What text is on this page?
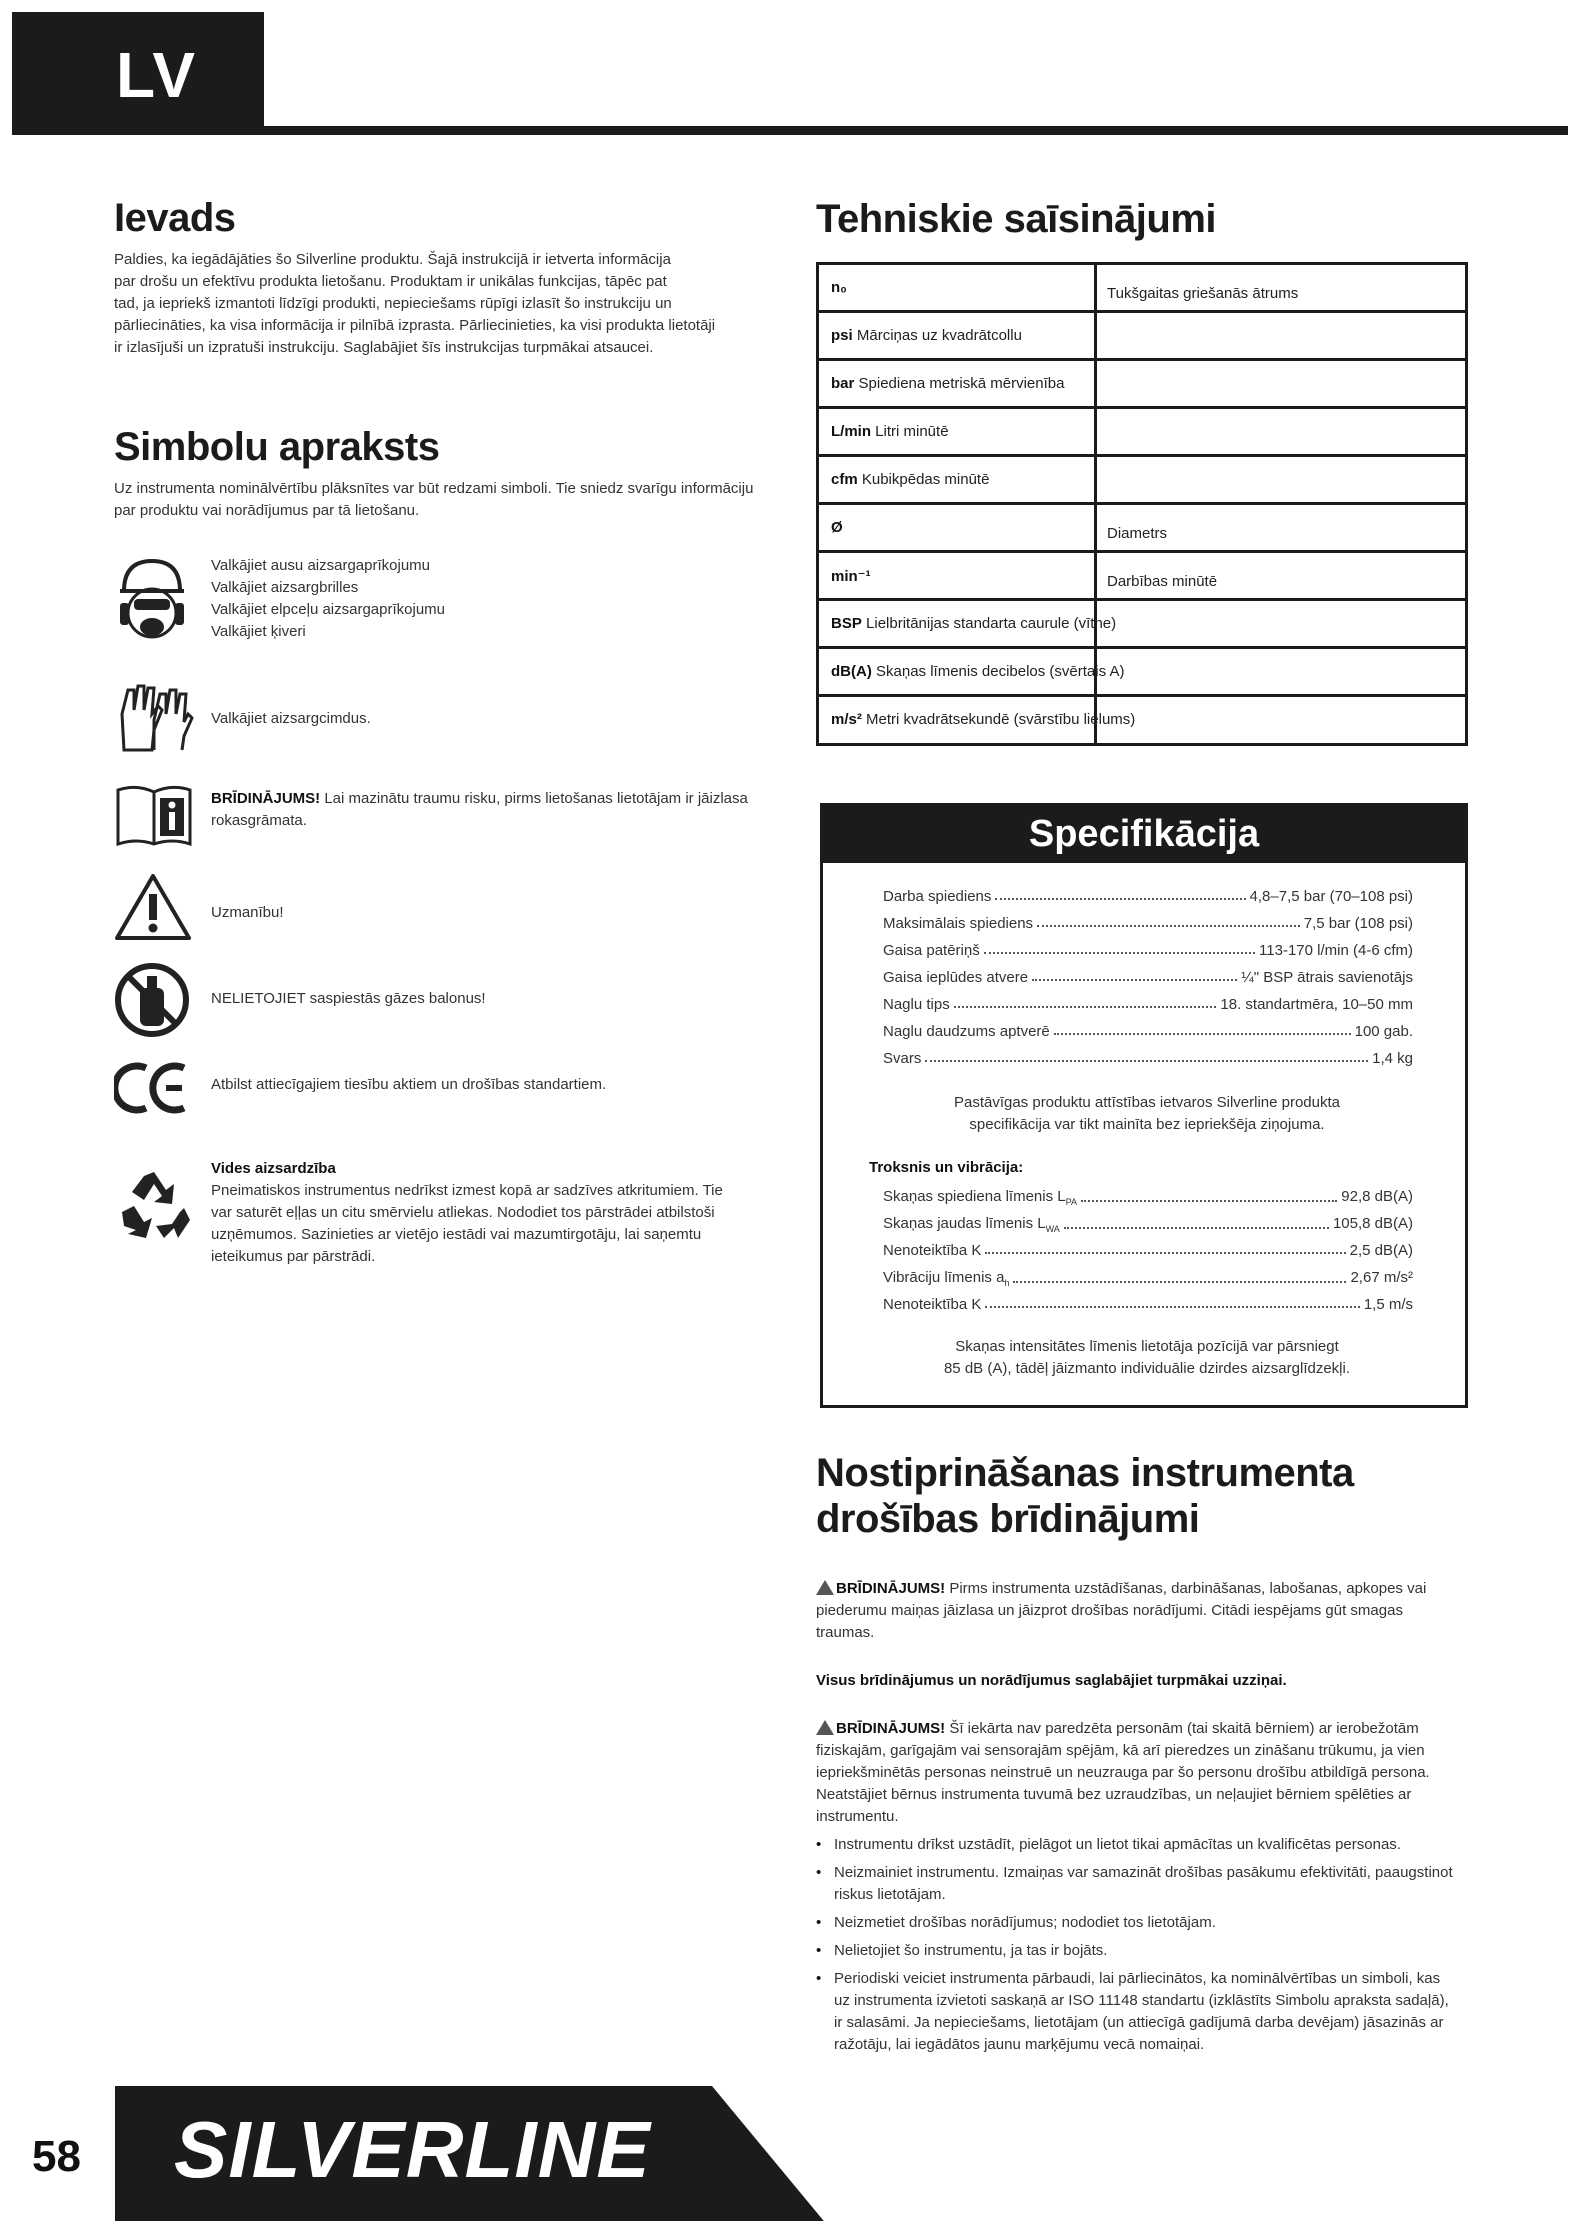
LV
Ievads
Paldies, ka iegādājāties šo Silverline produktu. Šajā instrukcijā ir ietverta informācija
par drošu un efektīvu produkta lietošanu. Produktam ir unikālas funkcijas, tāpēc pat
tad, ja iepriekš izmantoti līdzīgi produkti, nepieciešams rūpīgi izlasīt šo instrukciju un
pārliecināties, ka visa informācija ir pilnībā izprasta. Pārliecinieties, ka visi produkta lietotāji
ir izlasījuši un izpratuši instrukciju. Saglabājiet šīs instrukcijas turpmākai atsaucei.
Simbolu apraksts
Uz instrumenta nominālvērtību plāksnītes var būt redzami simboli. Tie sniedz svarīgu informāciju
par produktu vai norādījumus par tā lietošanu.
Valkājiet ausu aizsargaprīkojumu
Valkājiet aizsargbrilles
Valkājiet elpceļu aizsargaprīkojumu
Valkājiet ķiveri
Valkājiet aizsargcimdus.
BRĪDINĀJUMS! Lai mazinātu traumu risku, pirms lietošanas lietotājam ir jāizlasa
rokasgrāmata.
Uzmanību!
NELIETOJIET saspiestās gāzes balonus!
Atbilst attiecīgajiem tiesību aktiem un drošības standartiem.
Vides aizsardzība
Pneimatiskos instrumentus nedrīkst izmest kopā ar sadzīves atkritumiem. Tie
var saturēt eļļas un citu smērvielu atliekas. Nododiet tos pārstrādei atbilstoši
uzņēmumos. Sazinieties ar vietējo iestādi vai mazumtirgotāju, lai saņemtu
ieteikumus par pārstrādi.
Tehniskie saīsinājumi
n₀	Tukšgaitas griešanās ātrums
psi Mārciņas uz kvadrātcollu
bar Spiediena metriskā mērvienība
L/min Litri minūtē
cfm Kubikpēdas minūtē
Ø	Diametrs
min⁻¹	Darbības minūtē
BSP Lielbritānijas standarta caurule (vītne)
dB(A) Skaņas līmenis decibelos (svērtais A)
m/s² Metri kvadrātsekundē (svārstību lielums)
Specifikācija
Darba spiediens	4,8–7,5 bar (70–108 psi)
Maksimālais spiediens	7,5 bar (108 psi)
Gaisa patēriņš	113-170 l/min (4-6 cfm)
Gaisa ieplūdes atvere	¼" BSP ātrais savienotājs
Naglu tips	18. standartmēra, 10–50 mm
Naglu daudzums aptverē	100 gab.
Svars	1,4 kg
Pastāvīgas produktu attīstības ietvaros Silverline produkta
specifikācija var tikt mainīta bez iepriekšēja ziņojuma.
Troksnis un vibrācija:
Skaņas spiediena līmenis $L_{PA}$	92,8 dB(A)
Skaņas jaudas līmenis $L_{WA}$	105,8 dB(A)
Nenoteiktība K	2,5 dB(A)
Vibrāciju līmenis $a_h$	2,67 m/s²
Nenoteiktība K	1,5 m/s
Skaņas intensitātes līmenis lietotāja pozīcijā var pārsniegt
85 dB (A), tādēļ jāizmanto individuālie dzirdes aizsarglīdzekļi.
Nostiprināšanas instrumenta
drošības brīdinājumi

BRĪDINĀJUMS! Pirms instrumenta uzstādīšanas, darbināšanas, labošanas, apkopes vai piederumu maiņas jāizlasa un jāizprot drošības norādījumi. Citādi iespējams gūt smagas traumas.

Visus brīdinājumus un norādījumus saglabājiet turpmākai uzziņai.

BRĪDINĀJUMS! Šī iekārta nav paredzēta personām (tai skaitā bērniem) ar ierobežotām fiziskajām, garīgajām vai sensorajām spējām, kā arī pieredzes un zināšanu trūkumu, ja vien iepriekšminētās personas neinstruē un neuzrauga par šo personu drošību atbildīgā persona. Neatstājiet bērnus instrumenta tuvumā bez uzraudzības, un neļaujiet bērniem spēlēties ar instrumentu.

• Instrumentu drīkst uzstādīt, pielāgot un lietot tikai apmācītas un kvalificētas personas.
• Neizmainiet instrumentu. Izmaiņas var samazināt drošības pasākumu efektivitāti, paaugstinot riskus lietotājam.
• Neizmetiet drošības norādījumus; nododiet tos lietotājam.
• Nelietojiet šo instrumentu, ja tas ir bojāts.
• Periodiski veiciet instrumenta pārbaudi, lai pārliecinātos, ka nominālvērtības un simboli, kas uz instrumenta izvietoti saskaņā ar ISO 11148 standartu (izklāstīts Simbolu apraksta sadaļā), ir salasāmi. Ja nepieciešams, lietotājam (un attiecīgā gadījumā darba devējam) jāsazinās ar ražotāju, lai iegādātos jaunu marķējumu vecā nomaiņai.
58 SILVERLINE
